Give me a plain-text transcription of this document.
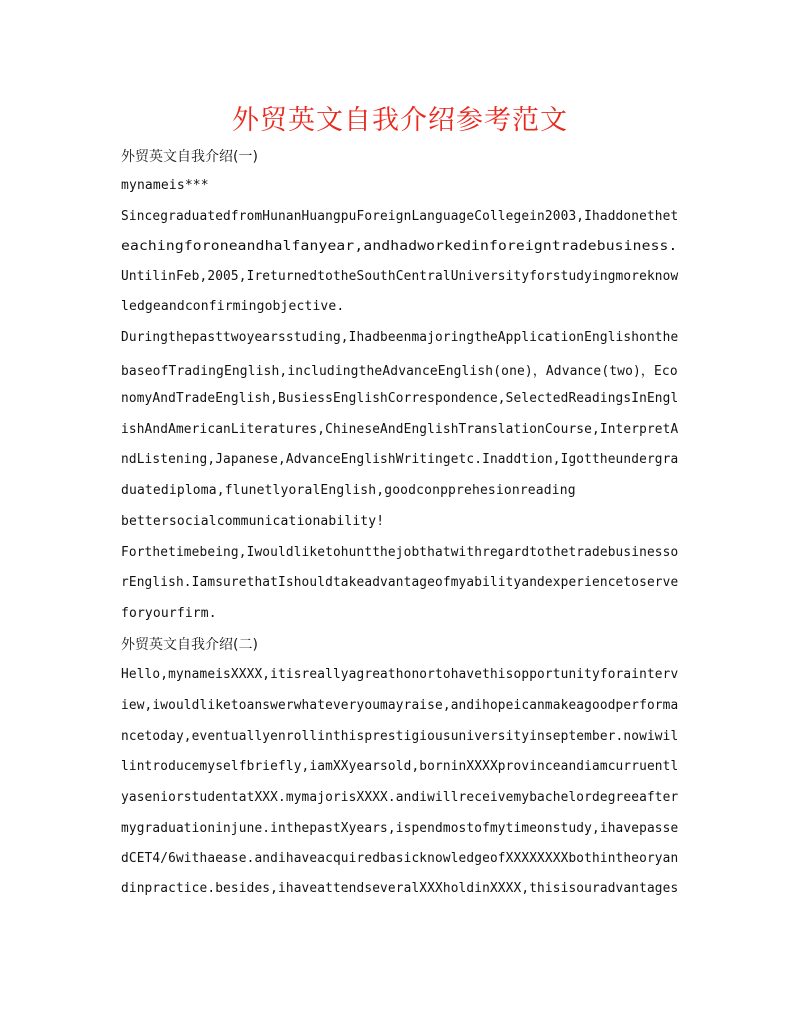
外贸英文自我介绍参考范文
外贸英文自我介绍(一)
mynameis***
SincegraduatedfromHunanHuangpuForeignLanguageCollegein2003,Ihaddonethet
eachingforoneandhalfanyear,andhadworkedinforeigntradebusiness.
UntilinFeb,2005,IreturnedtotheSouthCentralUniversityforstudyingmoreknow
ledgeandconfirmingobjective.
Duringthepasttwoyearsstuding,IhadbeenmajoringtheApplicationEnglishonthe
baseofTradingEnglish,includingtheAdvanceEnglish(one)，Advance(two)，Eco
nomyAndTradeEnglish,BusiessEnglishCorrespondence,SelectedReadingsInEngl
ishAndAmericanLiteratures,ChineseAndEnglishTranslationCourse,InterpretA
ndListening,Japanese,AdvanceEnglishWritingetc.Inaddtion,Igottheundergra
duatediploma,flunetlyoralEnglish,goodconpprehesionreading
bettersocialcommunicationability!
Forthetimebeing,Iwouldliketohuntthejobthatwithregardtothetradebusinesso
rEnglish.IamsurethatIshouldtakeadvantageofmyabilityandexperiencetoserve
foryourfirm.
外贸英文自我介绍(二)
Hello,mynameisXXXX,itisreallyagreathonortohavethisopportunityforainterv
iew,iwouldliketoanswerwhateveryoumayraise,andihopeicanmakeagoodperforma
ncetoday,eventuallyenrollinthisprestigiousuniversityinseptember.nowiwil
lintroducemyselfbriefly,iamXXyearsold,borninXXXXprovinceandiamcurruentl
yaseniorstudentatXXX.mymajorisXXXX.andiwillreceivemybachelordegreeafter
mygraduationinjune.inthepastXyears,ispendmostofmytimeonstudy,ihavepasse
dCET4/6withaease.andihaveacquiredbasicknowledgeofXXXXXXXXbothintheoryan
dinpractice.besides,ihaveattendseveralXXXholdinXXXX,thisisouradvantages
